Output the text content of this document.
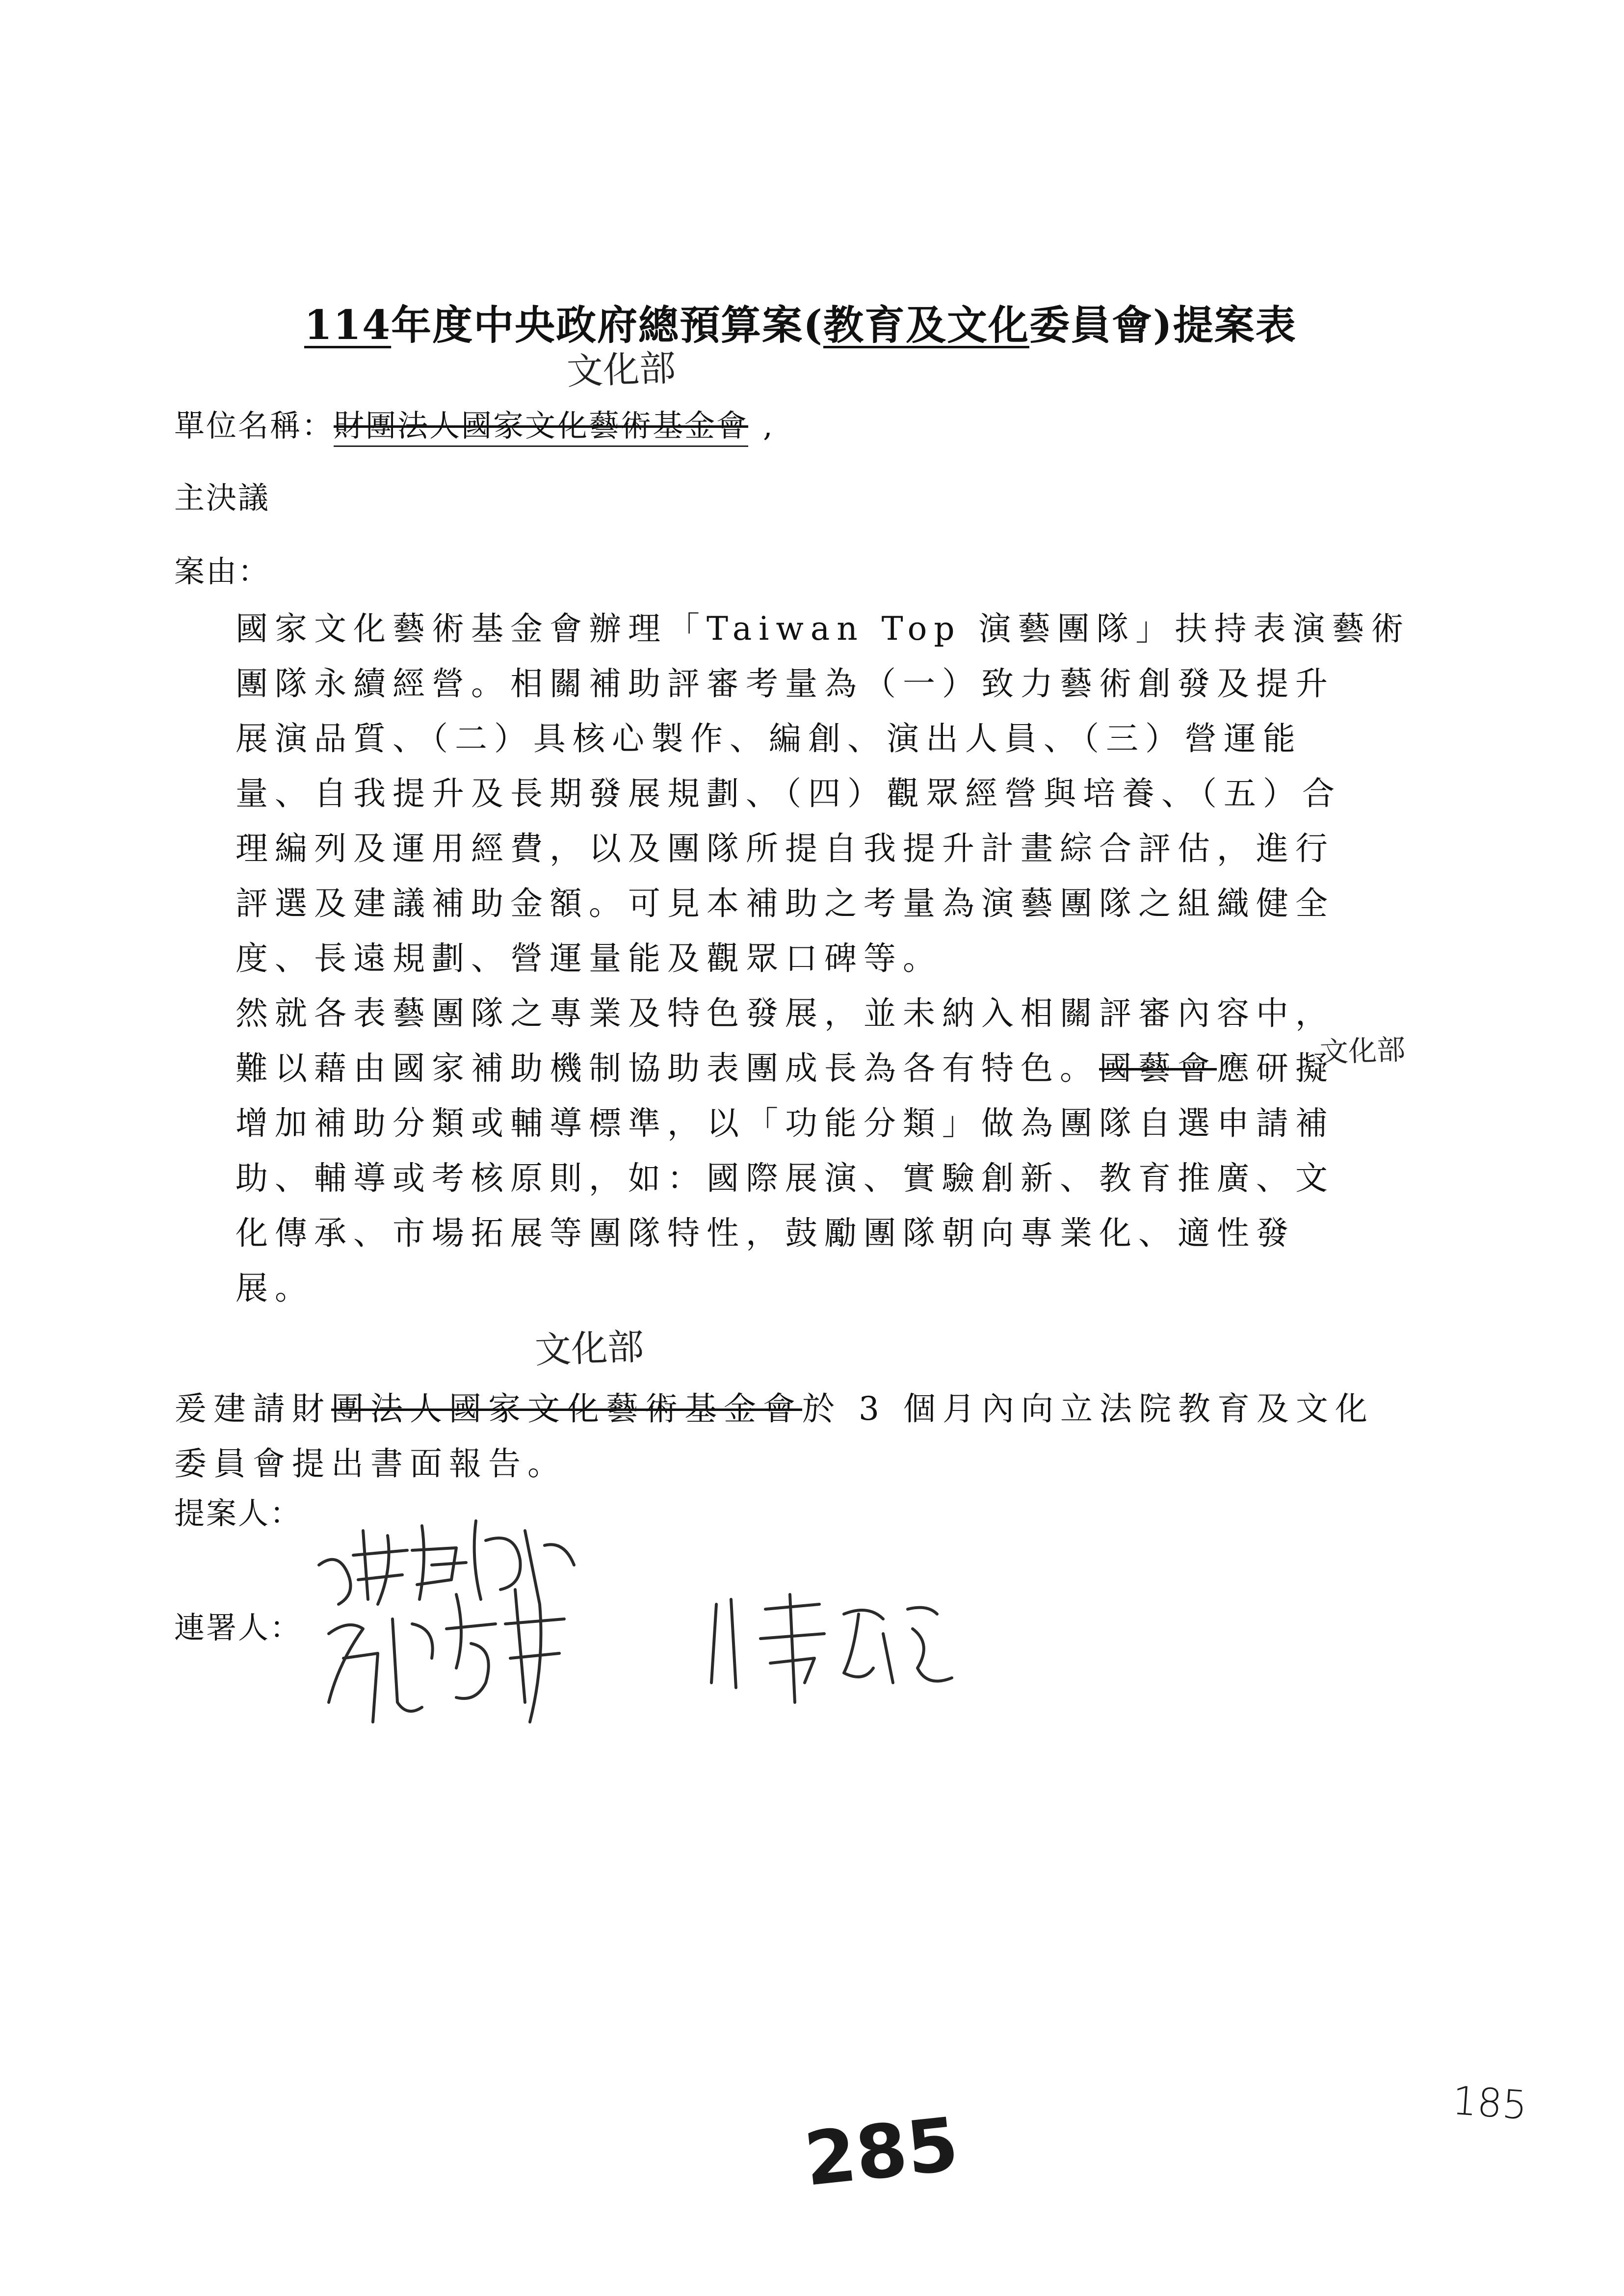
114年度中央政府總預算案(教育及文化委員會)提案表
文化部
單位名稱：財團法人國家文化藝術基金會 ,
主決議
案由：
國家文化藝術基金會辦理「Taiwan Top 演藝團隊」扶持表演藝術
團隊永續經營。相關補助評審考量為（一）致力藝術創發及提升
展演品質、（二）具核心製作、編創、演出人員、（三）營運能
量、自我提升及長期發展規劃、（四）觀眾經營與培養、（五）合
理編列及運用經費，以及團隊所提自我提升計畫綜合評估，進行
評選及建議補助金額。可見本補助之考量為演藝團隊之組織健全
度、長遠規劃、營運量能及觀眾口碑等。
然就各表藝團隊之專業及特色發展，並未納入相關評審內容中，
文化部
難以藉由國家補助機制協助表團成長為各有特色。國藝會應研擬
增加補助分類或輔導標準，以「功能分類」做為團隊自選申請補
助、輔導或考核原則，如：國際展演、實驗創新、教育推廣、文
化傳承、市場拓展等團隊特性，鼓勵團隊朝向專業化、適性發
展。
文化部
爰建請財團法人國家文化藝術基金會於 3 個月內向立法院教育及文化
委員會提出書面報告。
提案人：
連署人：
285	185
